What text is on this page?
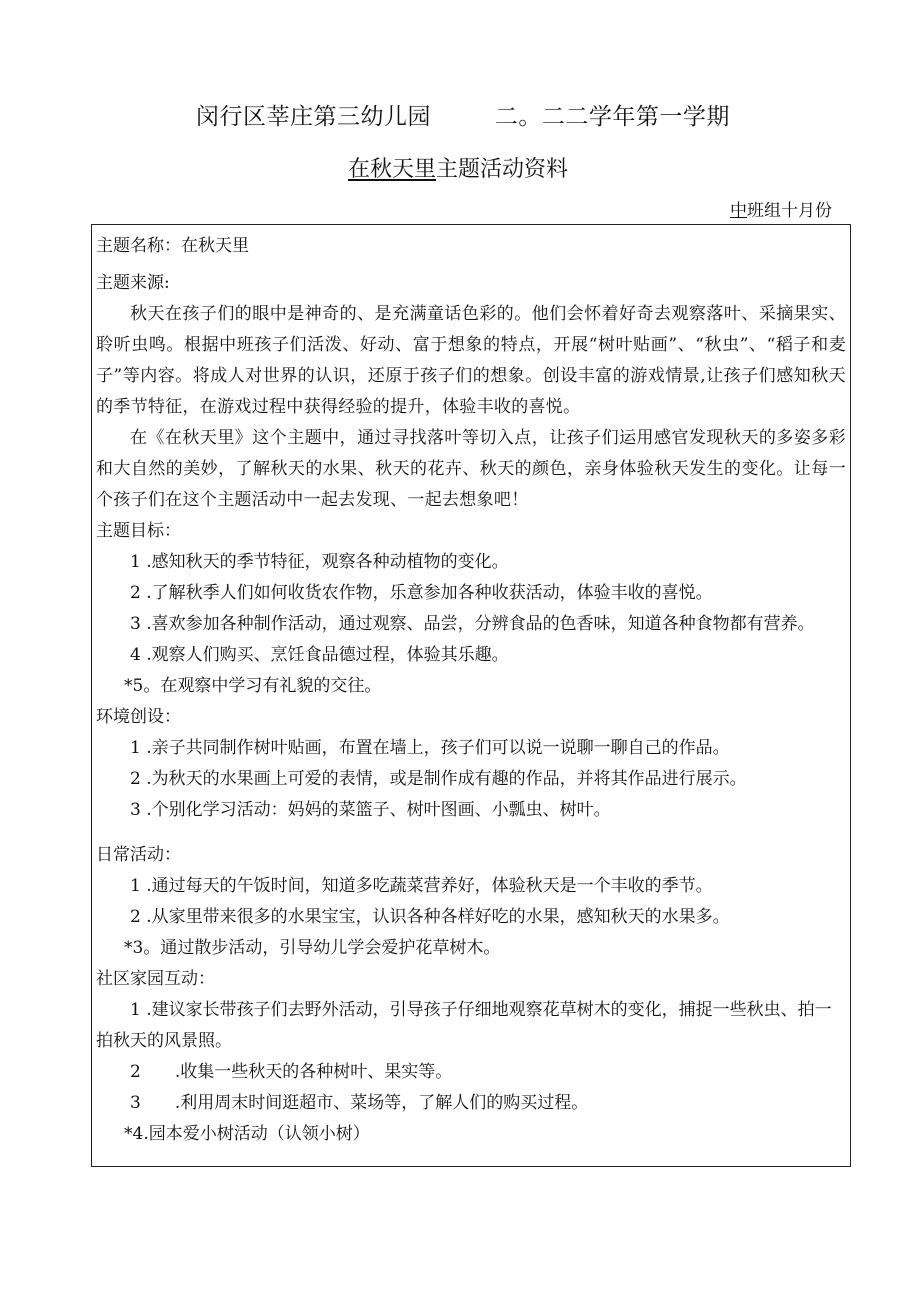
闵行区莘庄第三幼儿园	二。二二学年第一学期
在秋天里主题活动资料
中班组十月份

主题名称：在秋天里

主题来源:

秋天在孩子们的眼中是神奇的、是充满童话色彩的。他们会怀着好奇去观察落叶、采摘果实、聆听虫鸣。根据中班孩子们活泼、好动、富于想象的特点，开展“树叶贴画”、“秋虫”、“稻子和麦子”等内容。将成人对世界的认识，还原于孩子们的想象。创设丰富的游戏情景,让孩子们感知秋天的季节特征，在游戏过程中获得经验的提升，体验丰收的喜悦。

在《在秋天里》这个主题中，通过寻找落叶等切入点，让孩子们运用感官发现秋天的多姿多彩和大自然的美妙，了解秋天的水果、秋天的花卉、秋天的颜色，亲身体验秋天发生的变化。让每一个孩子们在这个主题活动中一起去发现、一起去想象吧！

主题目标：

1 .感知秋天的季节特征，观察各种动植物的变化。

2 .了解秋季人们如何收货农作物，乐意参加各种收获活动，体验丰收的喜悦。

3 .喜欢参加各种制作活动，通过观察、品尝，分辨食品的色香味，知道各种食物都有营养。

4 .观察人们购买、烹饪食品德过程，体验其乐趣。

*5。在观察中学习有礼貌的交往。

环境创设：

1 .亲子共同制作树叶贴画，布置在墙上，孩子们可以说一说聊一聊自己的作品。

2 .为秋天的水果画上可爱的表情，或是制作成有趣的作品，并将其作品进行展示。

3 .个别化学习活动：妈妈的菜篮子、树叶图画、小瓢虫、树叶。

日常活动：

1 .通过每天的午饭时间，知道多吃蔬菜营养好，体验秋天是一个丰收的季节。

2 .从家里带来很多的水果宝宝，认识各种各样好吃的水果，感知秋天的水果多。

*3。通过散步活动，引导幼儿学会爱护花草树木。

社区家园互动：

1 .建议家长带孩子们去野外活动，引导孩子仔细地观察花草树木的变化，捕捉一些秋虫、拍一拍秋天的风景照。

2　　.收集一些秋天的各种树叶、果实等。

3　　.利用周末时间逛超市、菜场等，了解人们的购买过程。

*4.园本爱小树活动（认领小树）
